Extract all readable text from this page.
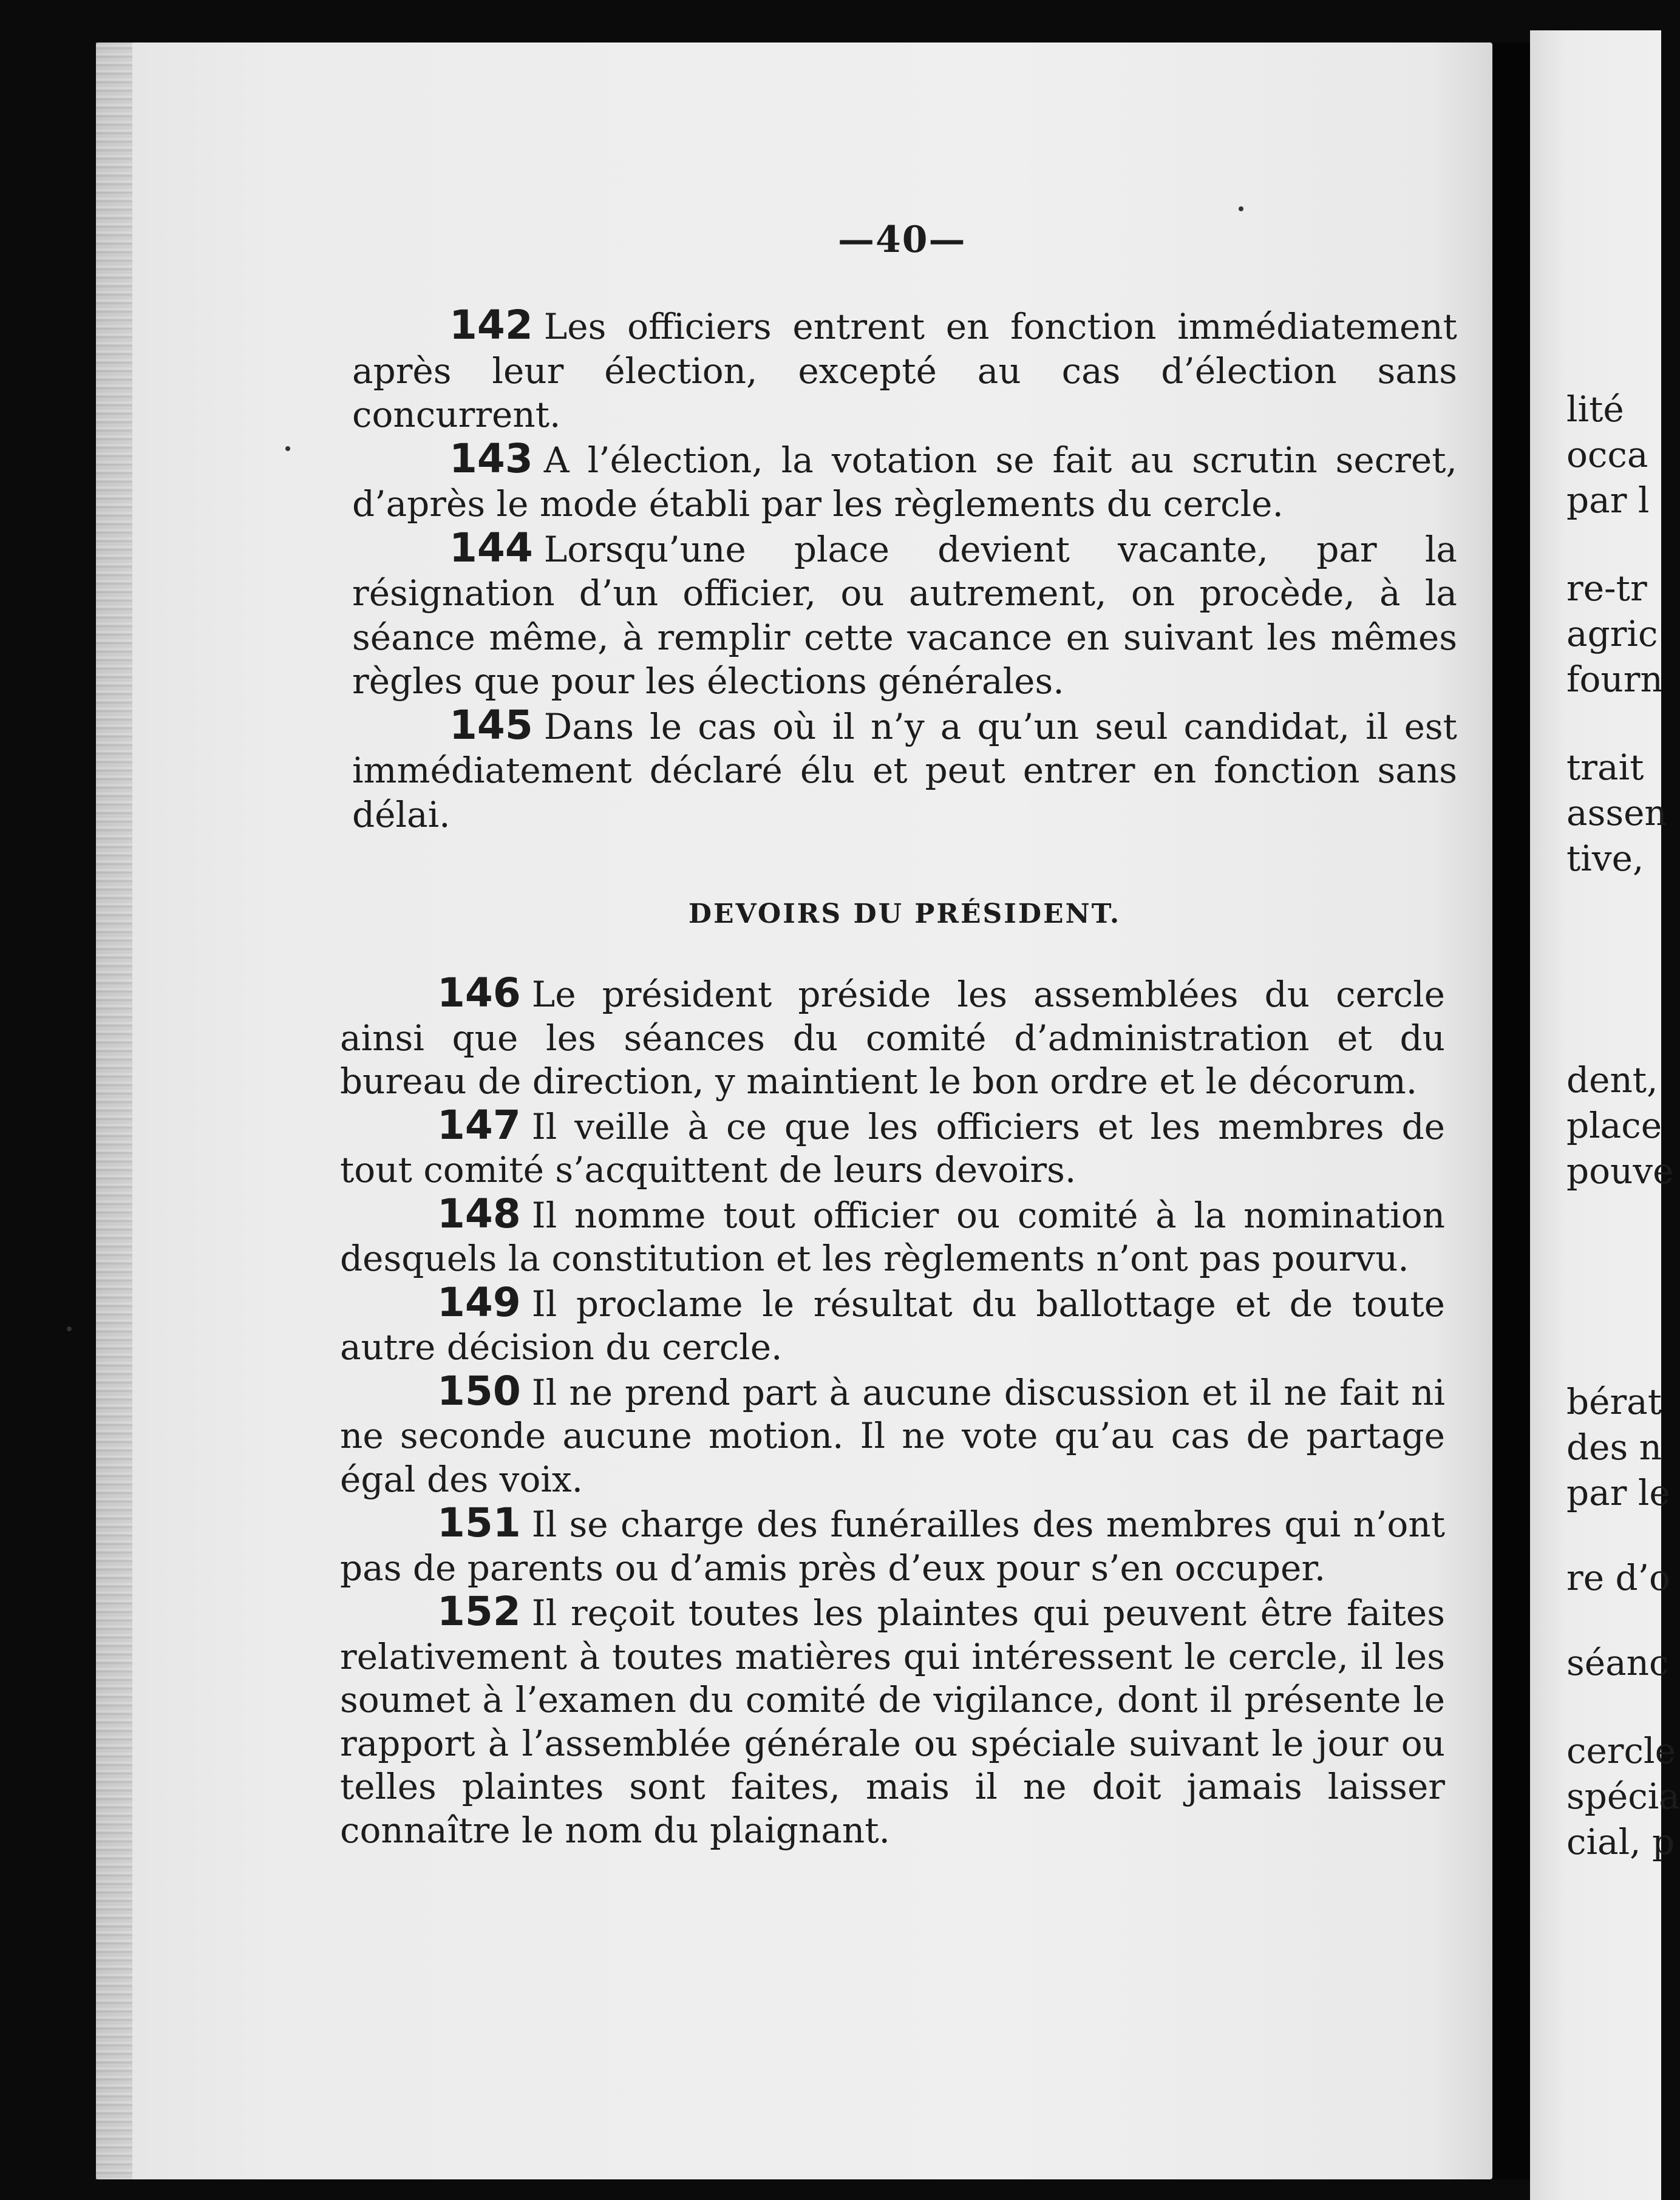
—40—

142 Les officiers entrent en fonction immédiatement après leur élection, excepté au cas d’élection sans concurrent.

143 A l’élection, la votation se fait au scrutin secret, d’après le mode établi par les règlements du cercle.

144 Lorsqu’une place devient vacante, par la résignation d’un officier, ou autrement, on procède, à la séance même, à remplir cette vacance en suivant les mêmes règles que pour les élections générales.

145 Dans le cas où il n’y a qu’un seul candidat, il est immédiatement déclaré élu et peut entrer en fonction sans délai.

DEVOIRS DU PRÉSIDENT.

146 Le président préside les assemblées du cercle ainsi que les séances du comité d’administration et du bureau de direction, y maintient le bon ordre et le décorum.

147 Il veille à ce que les officiers et les membres de tout comité s’acquittent de leurs devoirs.

148 Il nomme tout officier ou comité à la nomination desquels la constitution et les règlements n’ont pas pourvu.

149 Il proclame le résultat du ballottage et de toute autre décision du cercle.

150 Il ne prend part à aucune discussion et il ne fait ni ne seconde aucune motion. Il ne vote qu’au cas de partage égal des voix.

151 Il se charge des funérailles des membres qui n’ont pas de parents ou d’amis près d’eux pour s’en occuper.

152 Il reçoit toutes les plaintes qui peuvent être faites relativement à toutes matières qui intéressent le cercle, il les soumet à l’examen du comité de vigilance, dont il présente le rapport à l’assemblée générale ou spéciale suivant le jour ou telles plaintes sont faites, mais il ne doit jamais laisser connaître le nom du plaignant.

lité
occa
par l
re-tr
agric
fourn
trait
assen
tive,
dent,
place
pouve
bérat
des n
par le
re d’o
séanc
cercle
spécia
cial, p
